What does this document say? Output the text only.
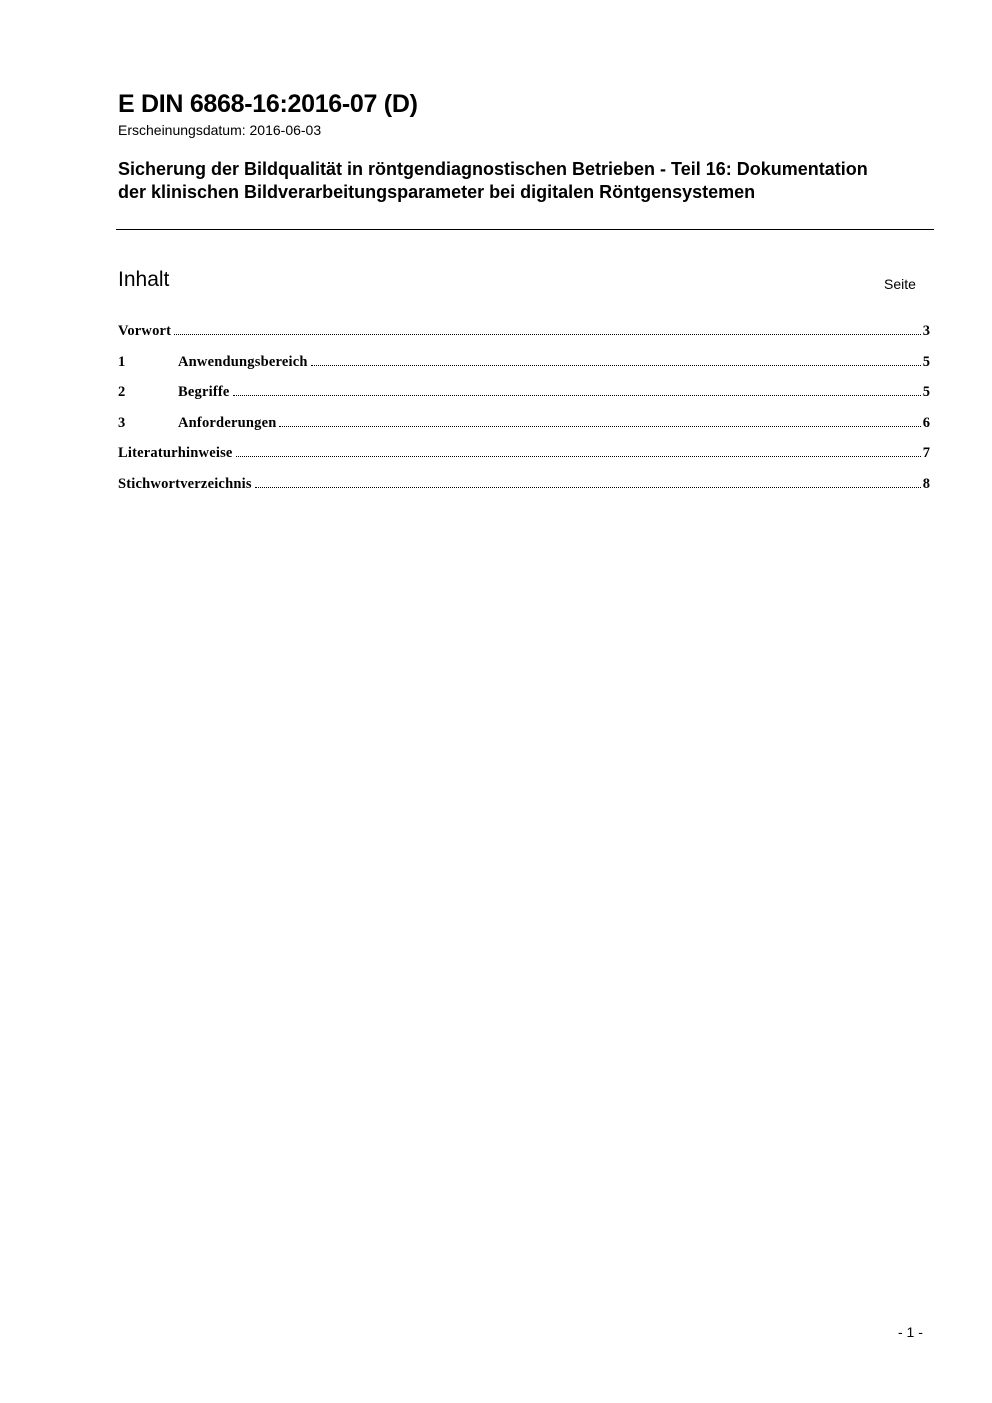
E DIN 6868-16:2016-07 (D)
Erscheinungsdatum: 2016-06-03
Sicherung der Bildqualität in röntgendiagnostischen Betrieben - Teil 16: Dokumentation der klinischen Bildverarbeitungsparameter bei digitalen Röntgensystemen
Inhalt	Seite
Vorwort	3
1	Anwendungsbereich	5
2	Begriffe	5
3	Anforderungen	6
Literaturhinweise	7
Stichwortverzeichnis	8
- 1 -
